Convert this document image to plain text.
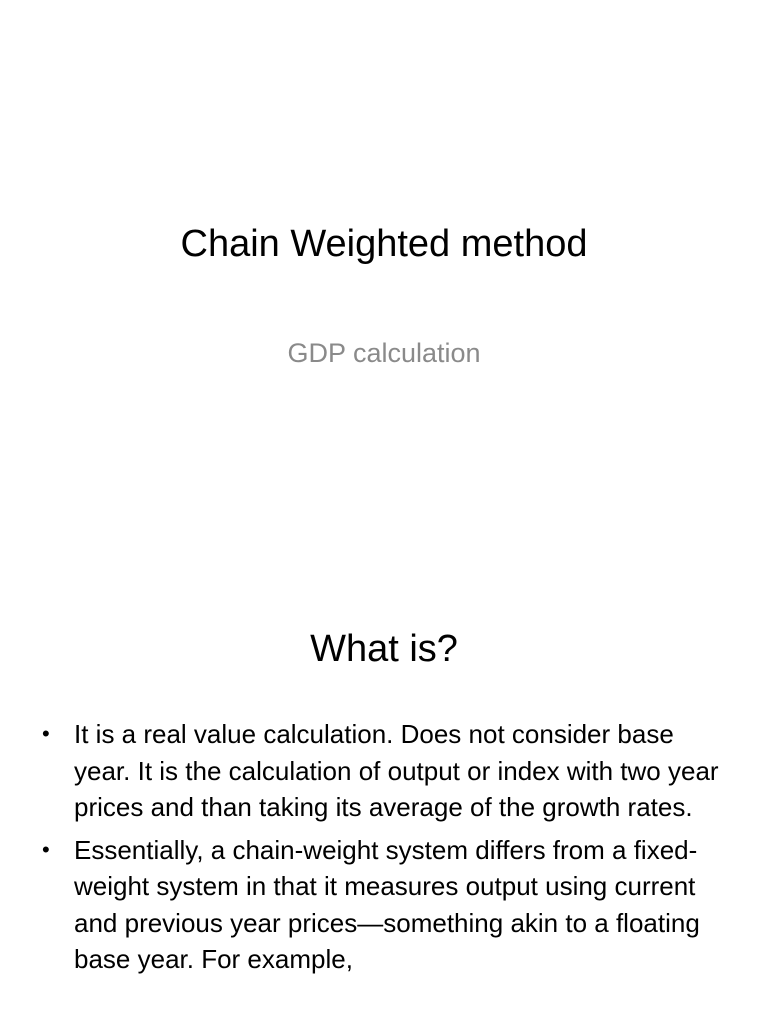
Chain Weighted method
GDP calculation
What is?
• It is a real value calculation. Does not consider base year. It is the calculation of output or index with two year prices and than taking its average of the growth rates.
• Essentially, a chain-weight system differs from a fixed-weight system in that it measures output using current and previous year prices—something akin to a floating base year. For example,
